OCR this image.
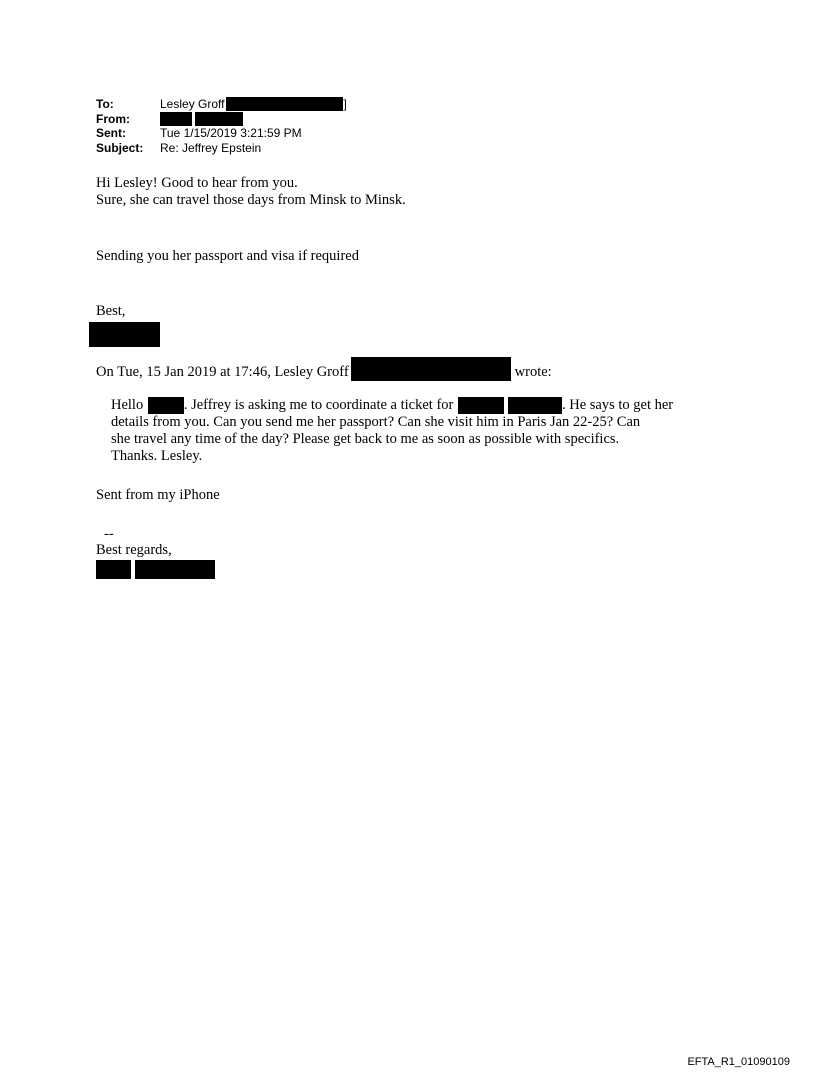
To:	Lesley Groff	]
From:
Sent:	Tue 1/15/2019 3:21:59 PM
Subject: Re: Jeffrey Epstein
Hi Lesley! Good to hear from you.
Sure, she can travel those days from Minsk to Minsk.
Sending you her passport and visa if required
Best,
On Tue, 15 Jan 2019 at 17:46, Lesley Groff	wrote:
Hello	. Jeffrey is asking me to coordinate a ticket for	. He says to get her
details from you. Can you send me her passport? Can she visit him in Paris Jan 22-25? Can
she travel any time of the day? Please get back to me as soon as possible with specifics.
Thanks. Lesley.
Sent from my iPhone
--
Best regards,
EFTA_R1_01090109
